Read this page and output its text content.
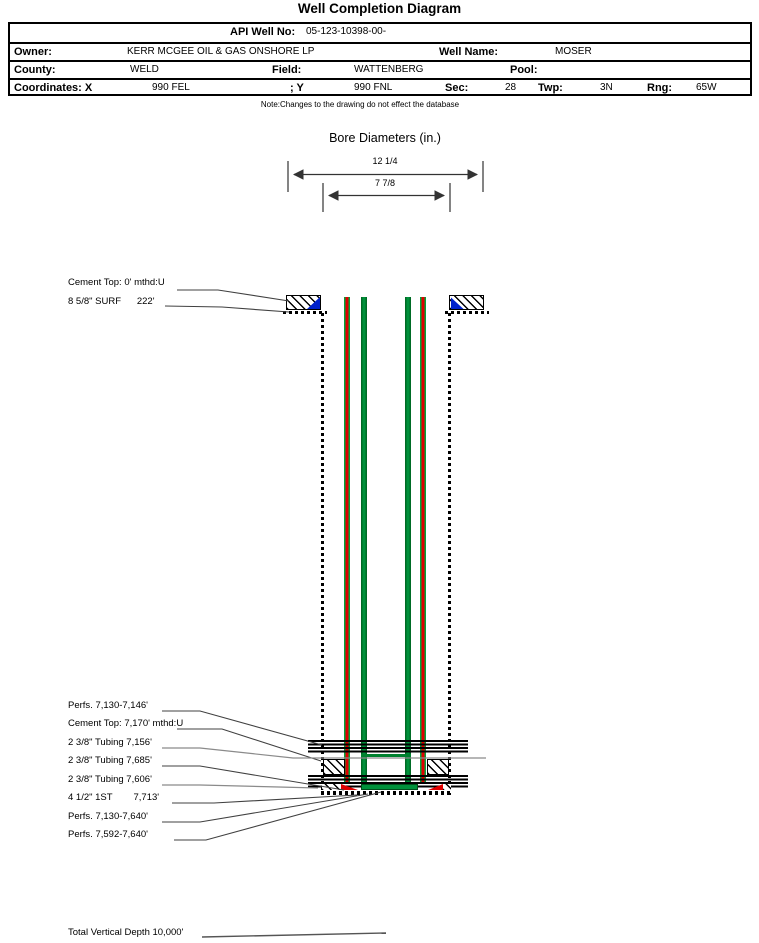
Well Completion Diagram
API Well No: 05-123-10398-00-
Owner:	KERR MCGEE OIL & GAS ONSHORE LP	Well Name:	MOSER
County:	WELD	Field:	WATTENBERG	Pool:
Coordinates: X	990 FEL	; Y	990 FNL	Sec:	28 Twp:	3N	Rng: 65W
Note:Changes to the drawing do not effect the database
Bore Diameters (in.)
12 1/4
7 7/8
Cement Top: 0' mthd:U
8 5/8" SURF      222'
Perfs. 7,130-7,146'
Cement Top: 7,170' mthd:U
2 3/8" Tubing 7,156'
2 3/8" Tubing 7,685'
2 3/8" Tubing 7,606'
4 1/2" 1ST        7,713'
Perfs. 7,130-7,640'
Perfs. 7,592-7,640'
Total Vertical Depth 10,000'
